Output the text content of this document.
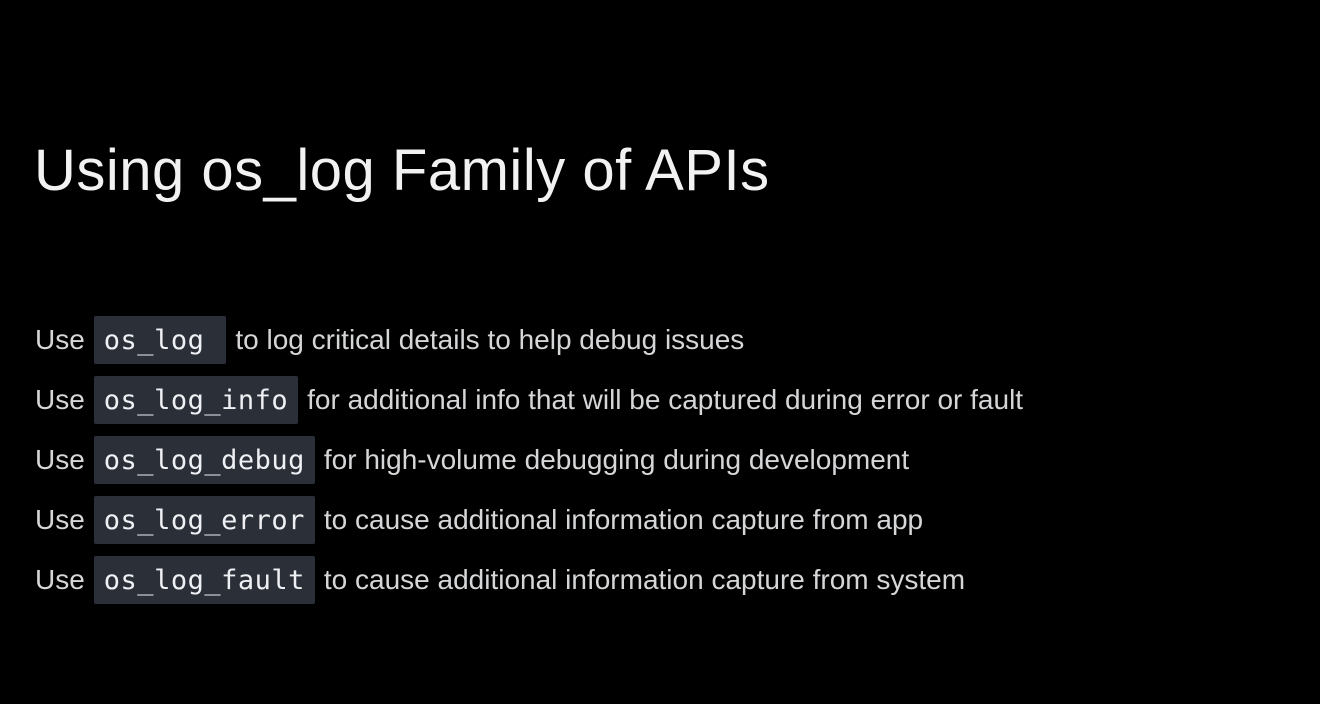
Using os_log Family of APIs
Use os_log	to log critical details to help debug issues
Use os_log_info for additional info that will be captured during error or fault
Use os_log_debug for high-volume debugging during development
Use os_log_error to cause additional information capture from app
Use os_log_fault to cause additional information capture from system
